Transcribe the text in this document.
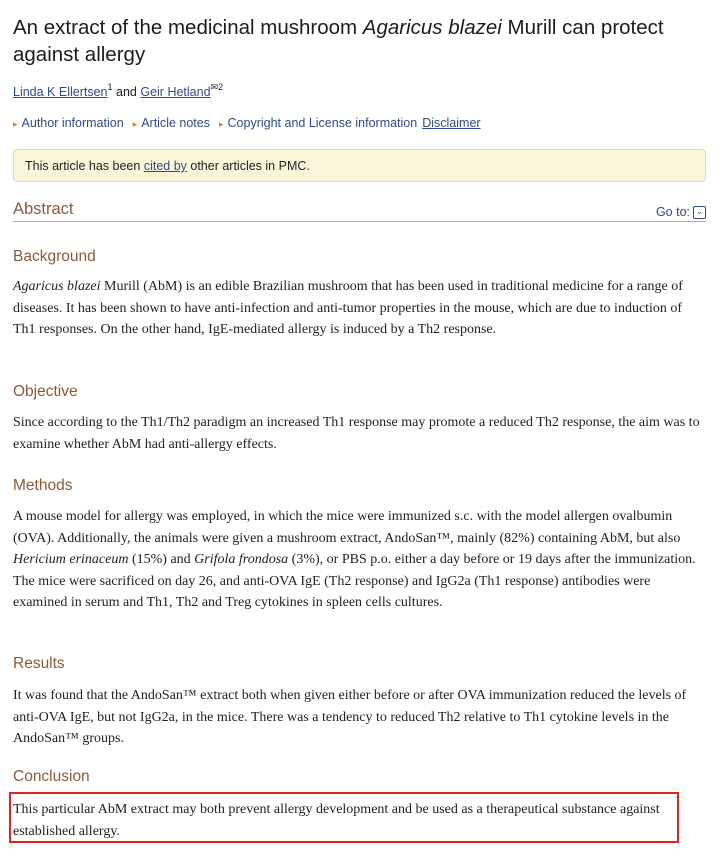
An extract of the medicinal mushroom Agaricus blazei Murill can protect against allergy
Linda K Ellertsen$^1$ and Geir Hetland$^{✉2}$
▸ Author information ▸ Article notes ▸ Copyright and License information Disclaimer
This article has been cited by other articles in PMC.
Abstract	Go to: ⌄
Background

Agaricus blazei Murill (AbM) is an edible Brazilian mushroom that has been used in traditional medicine for a range of diseases. It has been shown to have anti-infection and anti-tumor properties in the mouse, which are due to induction of Th1 responses. On the other hand, IgE-mediated allergy is induced by a Th2 response.

Objective

Since according to the Th1/Th2 paradigm an increased Th1 response may promote a reduced Th2 response, the aim was to examine whether AbM had anti-allergy effects.

Methods

A mouse model for allergy was employed, in which the mice were immunized s.c. with the model allergen ovalbumin (OVA). Additionally, the animals were given a mushroom extract, AndoSan™, mainly (82%) containing AbM, but also Hericium erinaceum (15%) and Grifola frondosa (3%), or PBS p.o. either a day before or 19 days after the immunization. The mice were sacrificed on day 26, and anti-OVA IgE (Th2 response) and IgG2a (Th1 response) antibodies were examined in serum and Th1, Th2 and Treg cytokines in spleen cells cultures.

Results

It was found that the AndoSan™ extract both when given either before or after OVA immunization reduced the levels of anti-OVA IgE, but not IgG2a, in the mice. There was a tendency to reduced Th2 relative to Th1 cytokine levels in the AndoSan™ groups.

Conclusion

This particular AbM extract may both prevent allergy development and be used as a therapeutical substance against established allergy.
